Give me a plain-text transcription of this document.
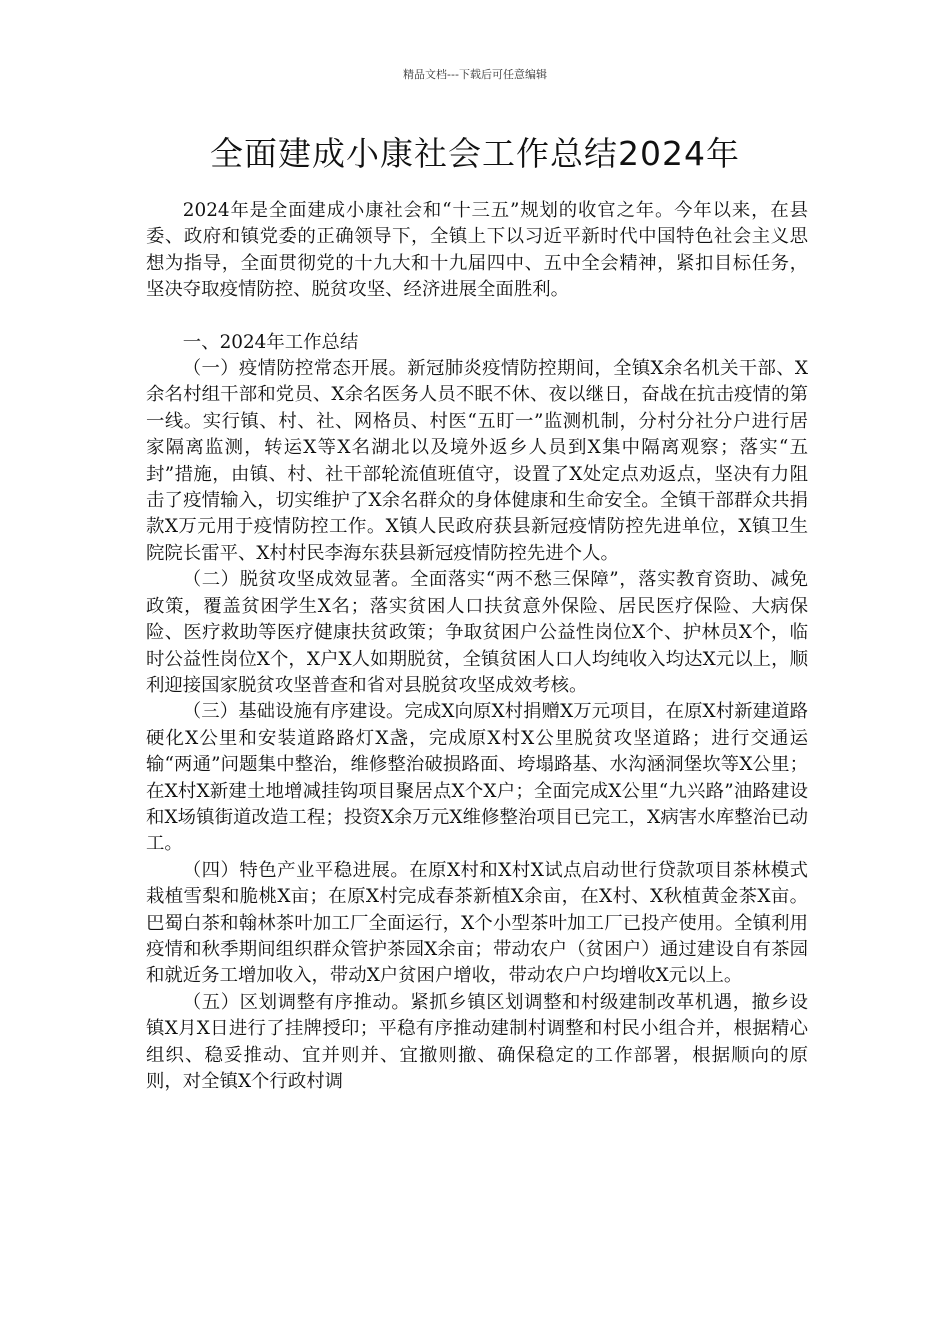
精品文档---下载后可任意编辑
全面建成小康社会工作总结2024年

2024年是全面建成小康社会和“十三五”规划的收官之年。今年以来，在县委、政府和镇党委的正确领导下，全镇上下以习近平新时代中国特色社会主义思想为指导，全面贯彻党的十九大和十九届四中、五中全会精神，紧扣目标任务，坚决夺取疫情防控、脱贫攻坚、经济进展全面胜利。

一、2024年工作总结

（一）疫情防控常态开展。新冠肺炎疫情防控期间，全镇X余名机关干部、X余名村组干部和党员、X余名医务人员不眠不休、夜以继日，奋战在抗击疫情的第一线。实行镇、村、社、网格员、村医“五盯一”监测机制，分村分社分户进行居家隔离监测，转运X等X名湖北以及境外返乡人员到X集中隔离观察；落实“五封”措施，由镇、村、社干部轮流值班值守，设置了X处定点劝返点，坚决有力阻击了疫情输入，切实维护了X余名群众的身体健康和生命安全。全镇干部群众共捐款X万元用于疫情防控工作。X镇人民政府获县新冠疫情防控先进单位，X镇卫生院院长雷平、X村村民李海东获县新冠疫情防控先进个人。

（二）脱贫攻坚成效显著。全面落实“两不愁三保障”，落实教育资助、减免政策，覆盖贫困学生X名；落实贫困人口扶贫意外保险、居民医疗保险、大病保险、医疗救助等医疗健康扶贫政策；争取贫困户公益性岗位X个、护林员X个，临时公益性岗位X个，X户X人如期脱贫，全镇贫困人口人均纯收入均达X元以上，顺利迎接国家脱贫攻坚普查和省对县脱贫攻坚成效考核。

（三）基础设施有序建设。完成X向原X村捐赠X万元项目，在原X村新建道路硬化X公里和安装道路路灯X盏，完成原X村X公里脱贫攻坚道路；进行交通运输“两通”问题集中整治，维修整治破损路面、垮塌路基、水沟涵洞堡坎等X公里；在X村X新建土地增减挂钩项目聚居点X个X户；全面完成X公里“九兴路”油路建设和X场镇街道改造工程；投资X余万元X维修整治项目已完工，X病害水库整治已动工。

（四）特色产业平稳进展。在原X村和X村X试点启动世行贷款项目茶林模式栽植雪梨和脆桃X亩；在原X村完成春茶新植X余亩，在X村、X秋植黄金茶X亩。巴蜀白茶和翰林茶叶加工厂全面运行，X个小型茶叶加工厂已投产使用。全镇利用疫情和秋季期间组织群众管护茶园X余亩；带动农户（贫困户）通过建设自有茶园和就近务工增加收入，带动X户贫困户增收，带动农户户均增收X元以上。

（五）区划调整有序推动。紧抓乡镇区划调整和村级建制改革机遇，撤乡设镇X月X日进行了挂牌授印；平稳有序推动建制村调整和村民小组合并，根据精心组织、稳妥推动、宜并则并、宜撤则撤、确保稳定的工作部署，根据顺向的原则，对全镇X个行政村调
